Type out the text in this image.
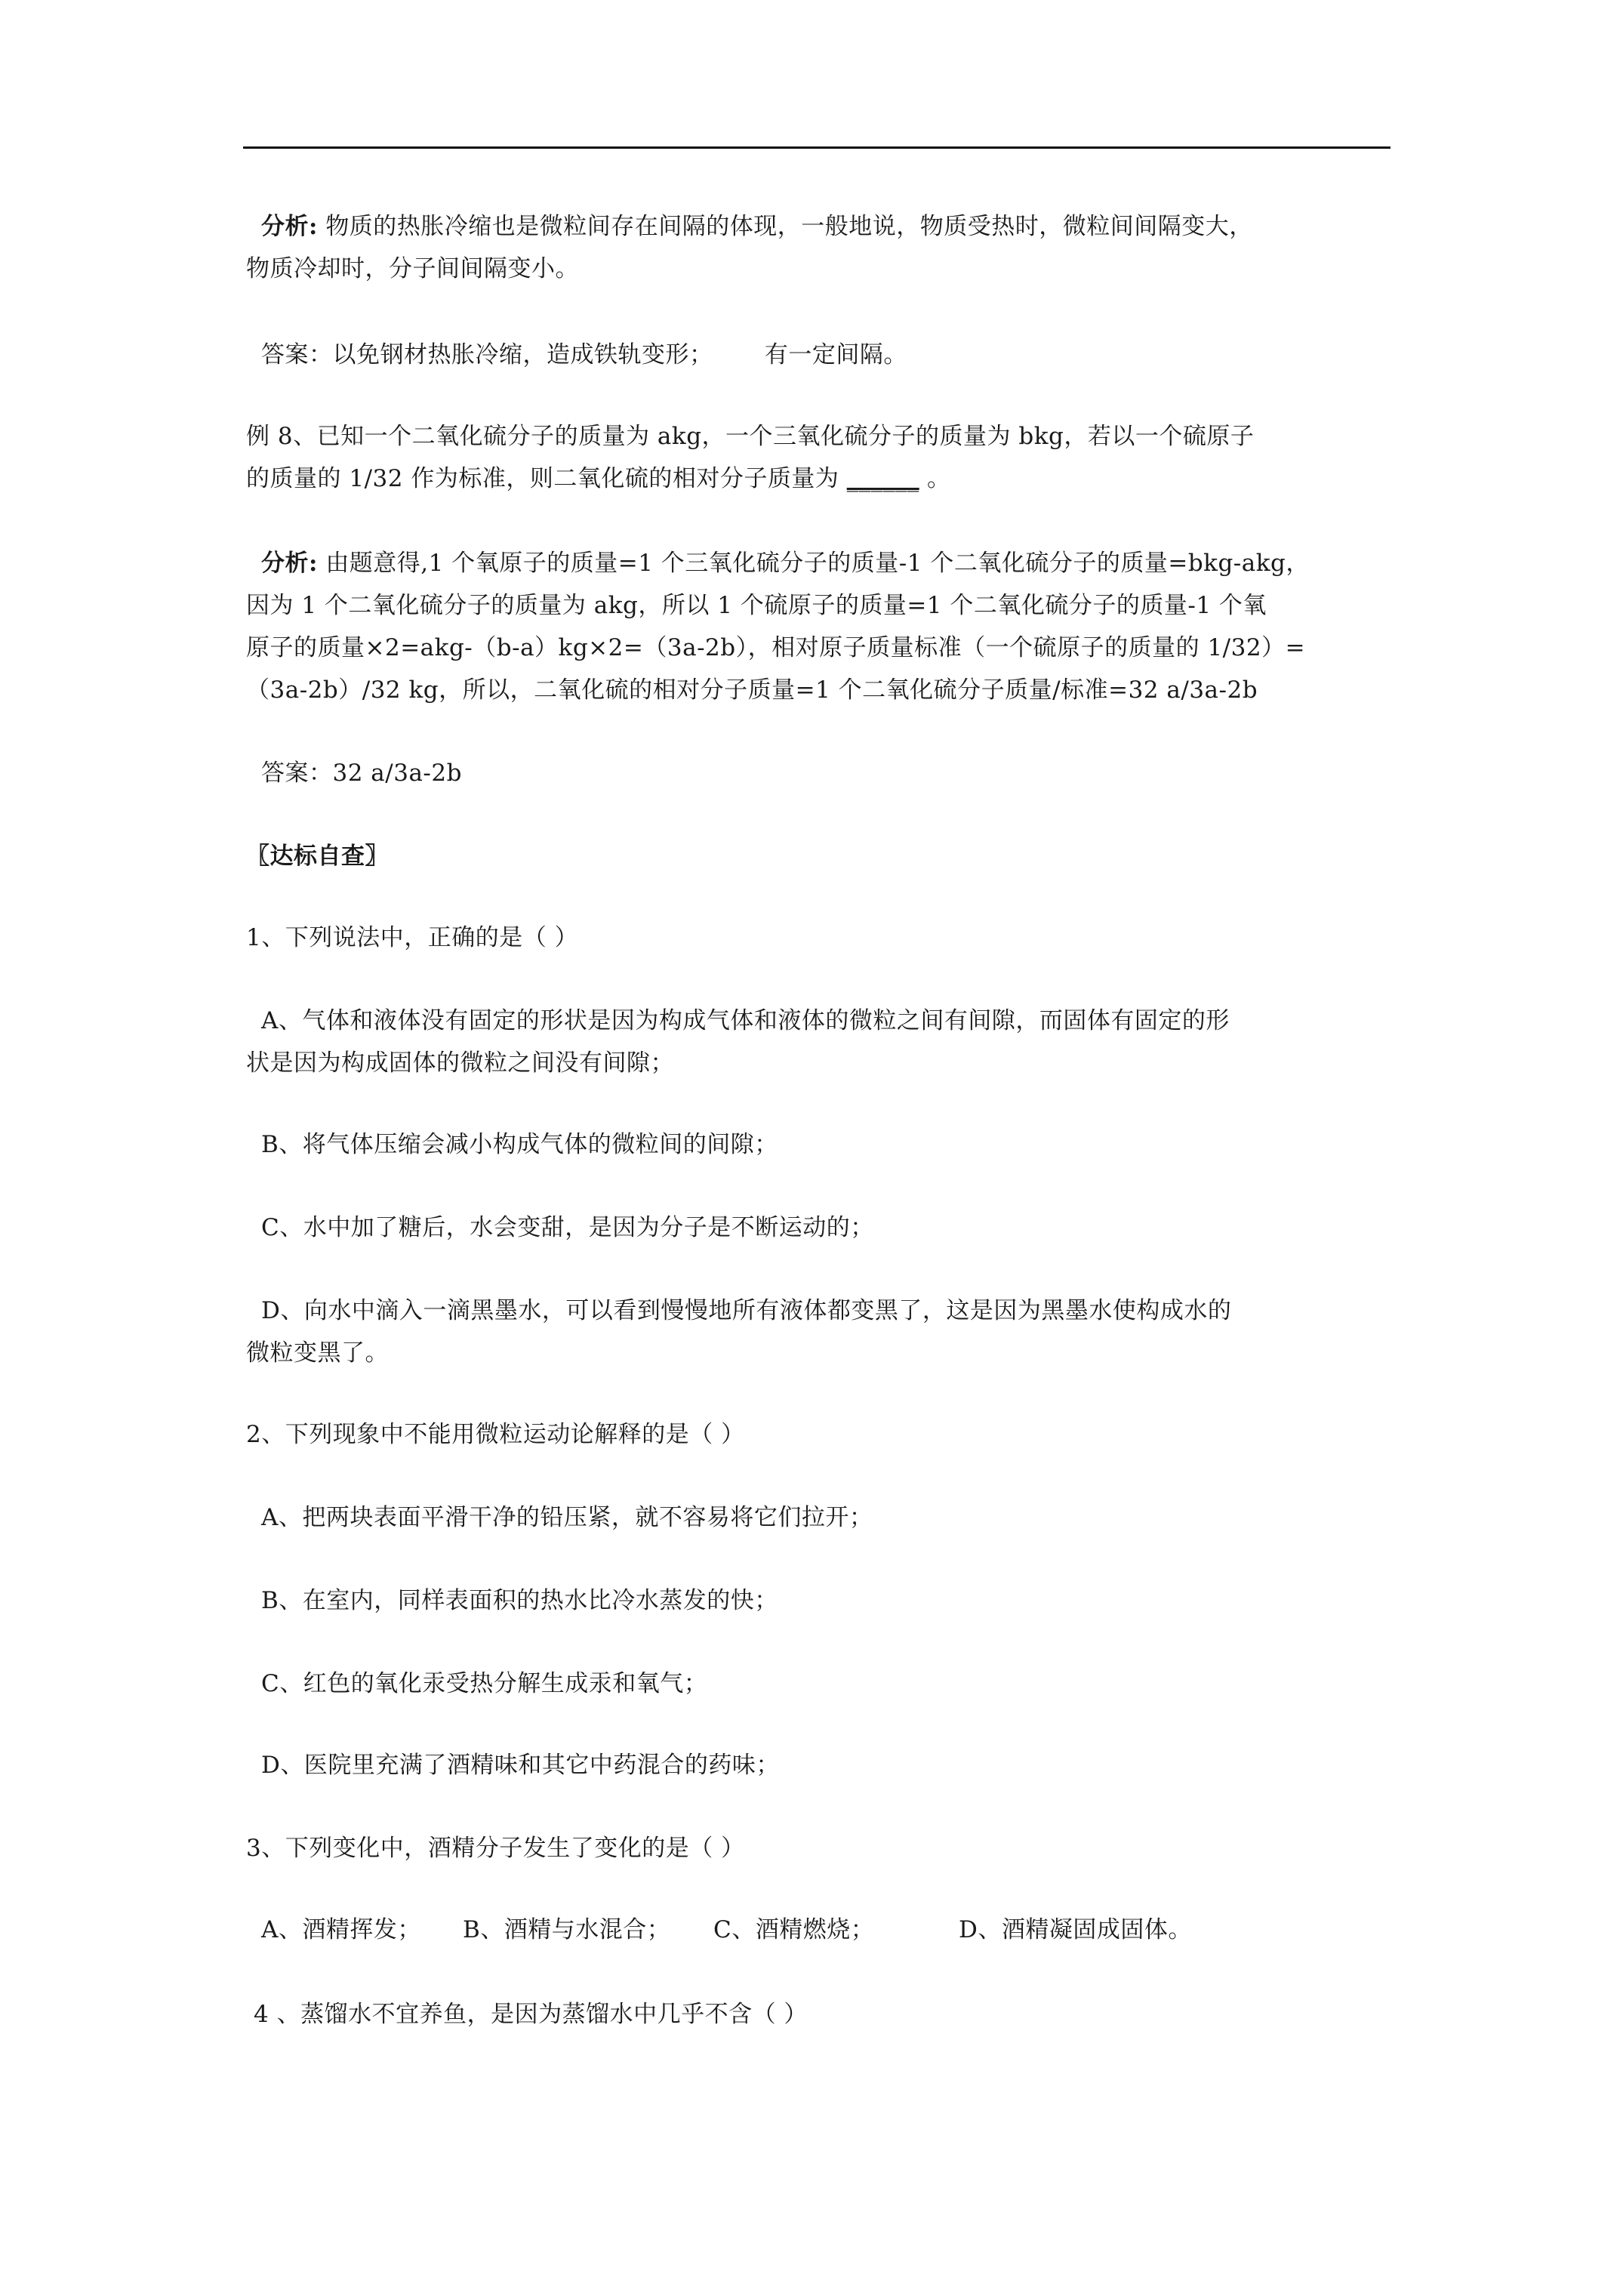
分析: 物质的热胀冷缩也是微粒间存在间隔的体现，一般地说，物质受热时，微粒间间隔变大，
物质冷却时，分子间间隔变小。
答案：以免钢材热胀冷缩，造成铁轨变形； 有一定间隔。
例 8、已知一个二氧化硫分子的质量为 akg，一个三氧化硫分子的质量为 bkg，若以一个硫原子
的质量的 1/32 作为标准，则二氧化硫的相对分子质量为 ______ 。
分析: 由题意得,1 个氧原子的质量=1 个三氧化硫分子的质量-1 个二氧化硫分子的质量=bkg-akg，
因为 1 个二氧化硫分子的质量为 akg，所以 1 个硫原子的质量=1 个二氧化硫分子的质量-1 个氧
原子的质量×2=akg-（b-a）kg×2=（3a-2b），相对原子质量标准（一个硫原子的质量的 1/32）=
（3a-2b）/32 kg，所以，二氧化硫的相对分子质量=1 个二氧化硫分子质量/标准=32 a/3a-2b
答案：32 a/3a-2b
〖达标自查〗
1、下列说法中，正确的是（ ）
A、气体和液体没有固定的形状是因为构成气体和液体的微粒之间有间隙，而固体有固定的形
状是因为构成固体的微粒之间没有间隙；
B、将气体压缩会减小构成气体的微粒间的间隙；
C、水中加了糖后，水会变甜，是因为分子是不断运动的；
D、向水中滴入一滴黑墨水，可以看到慢慢地所有液体都变黑了，这是因为黑墨水使构成水的
微粒变黑了。
2、下列现象中不能用微粒运动论解释的是（ ）
A、把两块表面平滑干净的铅压紧，就不容易将它们拉开；
B、在室内，同样表面积的热水比冷水蒸发的快；
C、红色的氧化汞受热分解生成汞和氧气；
D、医院里充满了酒精味和其它中药混合的药味；
3、下列变化中，酒精分子发生了变化的是（ ）
A、酒精挥发； B、酒精与水混合； C、酒精燃烧；	D、酒精凝固成固体。
4 、蒸馏水不宜养鱼，是因为蒸馏水中几乎不含（ ）
